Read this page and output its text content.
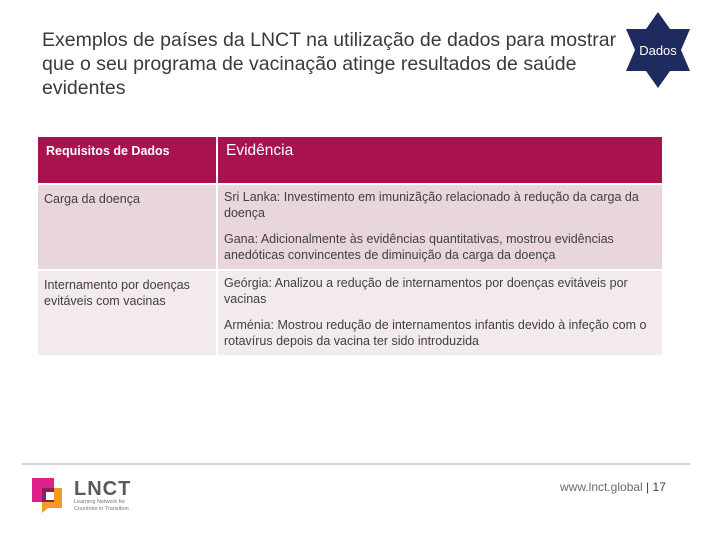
Exemplos de países da LNCT na utilização de dados para mostrar que o seu programa de vacinação atinge resultados de saúde evidentes
Dados
Requisitos de Dados	Evidência
Carga da doença	Sri Lanka: Investimento em imunizãção relacionado à redução da carga da doença

Gana: Adicionalmente às evidências quantitativas, mostrou evidências anedóticas convincentes de diminuição da carga da doença

Internamento por doenças evitáveis com vacinas	Geórgia: Analizou a redução de internamentos por doenças evitáveis por vacinas

Arménia: Mostrou redução de internamentos infantis devido à infeção com o rotavírus depois da vacina ter sido introduzida

LNCT
Learning Network for
Countries in Transition
www.lnct.global | 17
